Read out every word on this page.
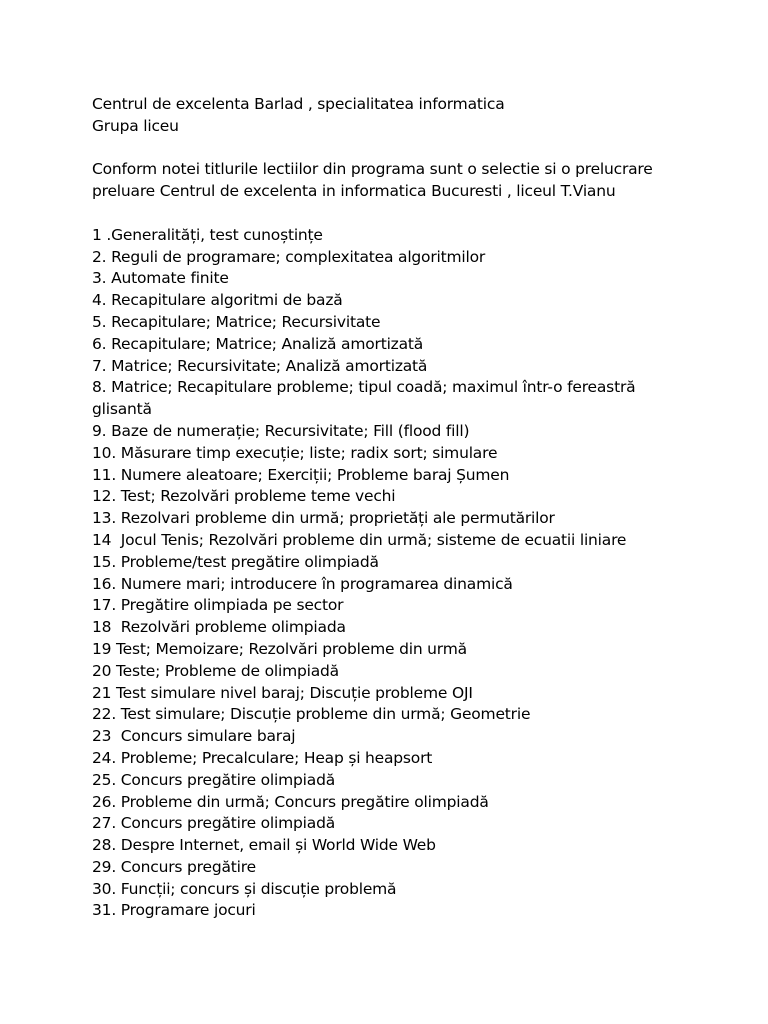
Centrul de excelenta Barlad , specialitatea informatica

Grupa liceu

Conform notei titlurile lectiilor din programa sunt o selectie si o prelucrare

preluare Centrul de excelenta in informatica Bucuresti , liceul T.Vianu

1 .Generalități, test cunoștințe

2. Reguli de programare; complexitatea algoritmilor

3. Automate finite

4. Recapitulare algoritmi de bază

5. Recapitulare; Matrice; Recursivitate

6. Recapitulare; Matrice; Analiză amortizată

7. Matrice; Recursivitate; Analiză amortizată

8. Matrice; Recapitulare probleme; tipul coadă; maximul într-o fereastră

glisantă

9. Baze de numerație; Recursivitate; Fill (flood fill)

10. Măsurare timp execuție; liste; radix sort; simulare

11. Numere aleatoare; Exerciții; Probleme baraj Șumen

12. Test; Rezolvări probleme teme vechi

13. Rezolvari probleme din urmă; proprietăți ale permutărilor

14  Jocul Tenis; Rezolvări probleme din urmă; sisteme de ecuatii liniare

15. Probleme/test pregătire olimpiadă

16. Numere mari; introducere în programarea dinamică

17. Pregătire olimpiada pe sector

18  Rezolvări probleme olimpiada

19 Test; Memoizare; Rezolvări probleme din urmă

20 Teste; Probleme de olimpiadă

21 Test simulare nivel baraj; Discuție probleme OJI

22. Test simulare; Discuție probleme din urmă; Geometrie

23  Concurs simulare baraj

24. Probleme; Precalculare; Heap și heapsort

25. Concurs pregătire olimpiadă

26. Probleme din urmă; Concurs pregătire olimpiadă

27. Concurs pregătire olimpiadă

28. Despre Internet, email și World Wide Web

29. Concurs pregătire

30. Funcții; concurs și discuție problemă

31. Programare jocuri
